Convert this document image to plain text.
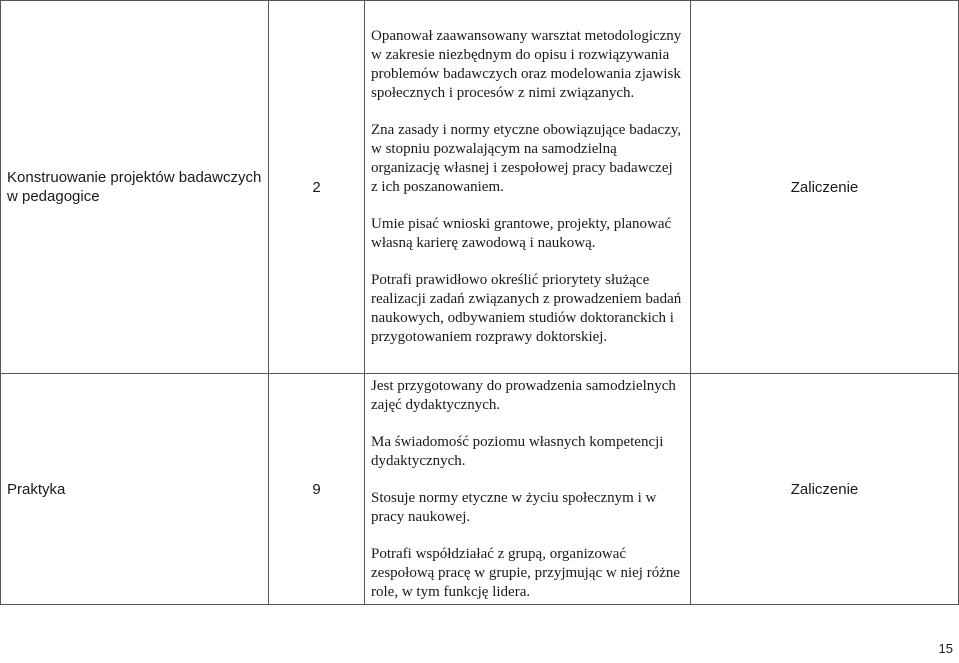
Konstruowanie projektów badawczych w pedagogice	2	Opanował zaawansowany warsztat metodologiczny w zakresie niezbędnym do opisu i rozwiązywania problemów badawczych oraz modelowania zjawisk społecznych i procesów z nimi związanych.

Zna zasady i normy etyczne obowiązujące badaczy, w stopniu pozwalającym na samodzielną organizację własnej i zespołowej pracy badawczej z ich poszanowaniem.

Umie pisać wnioski grantowe, projekty, planować własną karierę zawodową i naukową.

Potrafi prawidłowo określić priorytety służące realizacji zadań związanych z prowadzeniem badań naukowych, odbywaniem studiów doktoranckich i przygotowaniem rozprawy doktorskiej.	Zaliczenie
Praktyka	9	Jest przygotowany do prowadzenia samodzielnych zajęć dydaktycznych.

Ma świadomość poziomu własnych kompetencji dydaktycznych.

Stosuje normy etyczne w życiu społecznym i w pracy naukowej.

Potrafi współdziałać z grupą, organizować zespołową pracę w grupie, przyjmując w niej różne role, w tym funkcję lidera.	Zaliczenie
15
